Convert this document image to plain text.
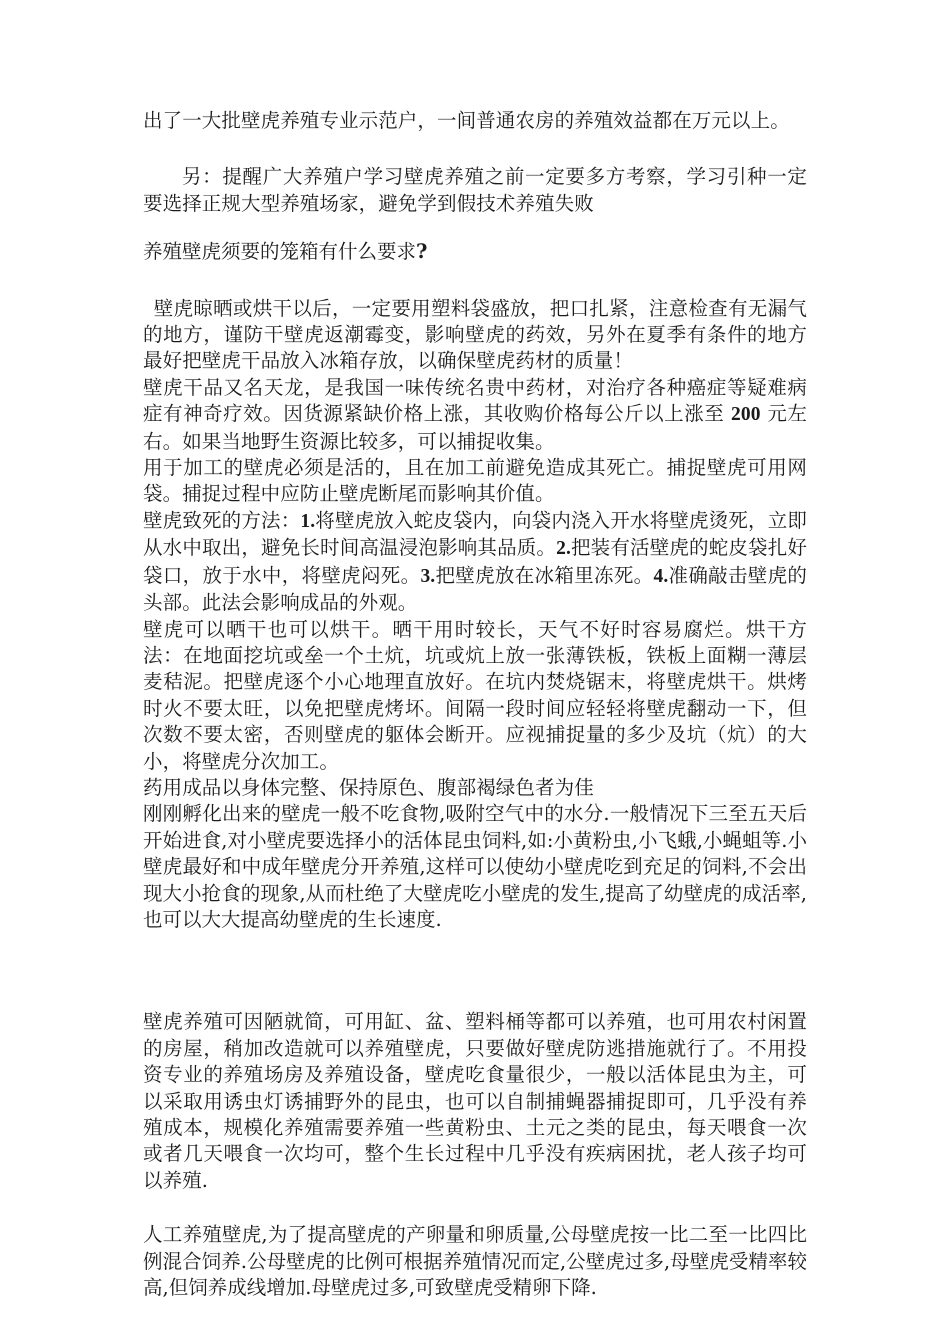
出了一大批壁虎养殖专业示范户，一间普通农房的养殖效益都在万元以上。

另：提醒广大养殖户学习壁虎养殖之前一定要多方考察，学习引种一定要选择正规大型养殖场家，避免学到假技术养殖失败

养殖壁虎须要的笼箱有什么要求?

壁虎晾晒或烘干以后，一定要用塑料袋盛放，把口扎紧，注意检查有无漏气的地方，谨防干壁虎返潮霉变，影响壁虎的药效，另外在夏季有条件的地方最好把壁虎干品放入冰箱存放，以确保壁虎药材的质量！

壁虎干品又名天龙，是我国一味传统名贵中药材，对治疗各种癌症等疑难病症有神奇疗效。因货源紧缺价格上涨，其收购价格每公斤以上涨至 200 元左右。如果当地野生资源比较多，可以捕捉收集。

用于加工的壁虎必须是活的，且在加工前避免造成其死亡。捕捉壁虎可用网袋。捕捉过程中应防止壁虎断尾而影响其价值。

壁虎致死的方法：1.将壁虎放入蛇皮袋内，向袋内浇入开水将壁虎烫死，立即从水中取出，避免长时间高温浸泡影响其品质。2.把装有活壁虎的蛇皮袋扎好袋口，放于水中，将壁虎闷死。3.把壁虎放在冰箱里冻死。4.准确敲击壁虎的头部。此法会影响成品的外观。

壁虎可以晒干也可以烘干。晒干用时较长，天气不好时容易腐烂。烘干方法：在地面挖坑或垒一个土炕，坑或炕上放一张薄铁板，铁板上面糊一薄层麦秸泥。把壁虎逐个小心地理直放好。在坑内焚烧锯末，将壁虎烘干。烘烤时火不要太旺，以免把壁虎烤坏。间隔一段时间应轻轻将壁虎翻动一下，但次数不要太密，否则壁虎的躯体会断开。应视捕捉量的多少及坑（炕）的大小，将壁虎分次加工。

药用成品以身体完整、保持原色、腹部褐绿色者为佳

刚刚孵化出来的壁虎一般不吃食物,吸附空气中的水分.一般情况下三至五天后开始进食,对小壁虎要选择小的活体昆虫饲料,如:小黄粉虫,小飞蛾,小蝇蛆等.小壁虎最好和中成年壁虎分开养殖,这样可以使幼小壁虎吃到充足的饲料,不会出现大小抢食的现象,从而杜绝了大壁虎吃小壁虎的发生,提高了幼壁虎的成活率,也可以大大提高幼壁虎的生长速度.

壁虎养殖可因陋就简，可用缸、盆、塑料桶等都可以养殖，也可用农村闲置的房屋，稍加改造就可以养殖壁虎，只要做好壁虎防逃措施就行了。不用投资专业的养殖场房及养殖设备，壁虎吃食量很少，一般以活体昆虫为主，可以采取用诱虫灯诱捕野外的昆虫，也可以自制捕蝇器捕捉即可，几乎没有养殖成本，规模化养殖需要养殖一些黄粉虫、土元之类的昆虫，每天喂食一次或者几天喂食一次均可，整个生长过程中几乎没有疾病困扰，老人孩子均可以养殖.

人工养殖壁虎,为了提高壁虎的产卵量和卵质量,公母壁虎按一比二至一比四比例混合饲养.公母壁虎的比例可根据养殖情况而定,公壁虎过多,母壁虎受精率较高,但饲养成线增加.母壁虎过多,可致壁虎受精卵下降.
